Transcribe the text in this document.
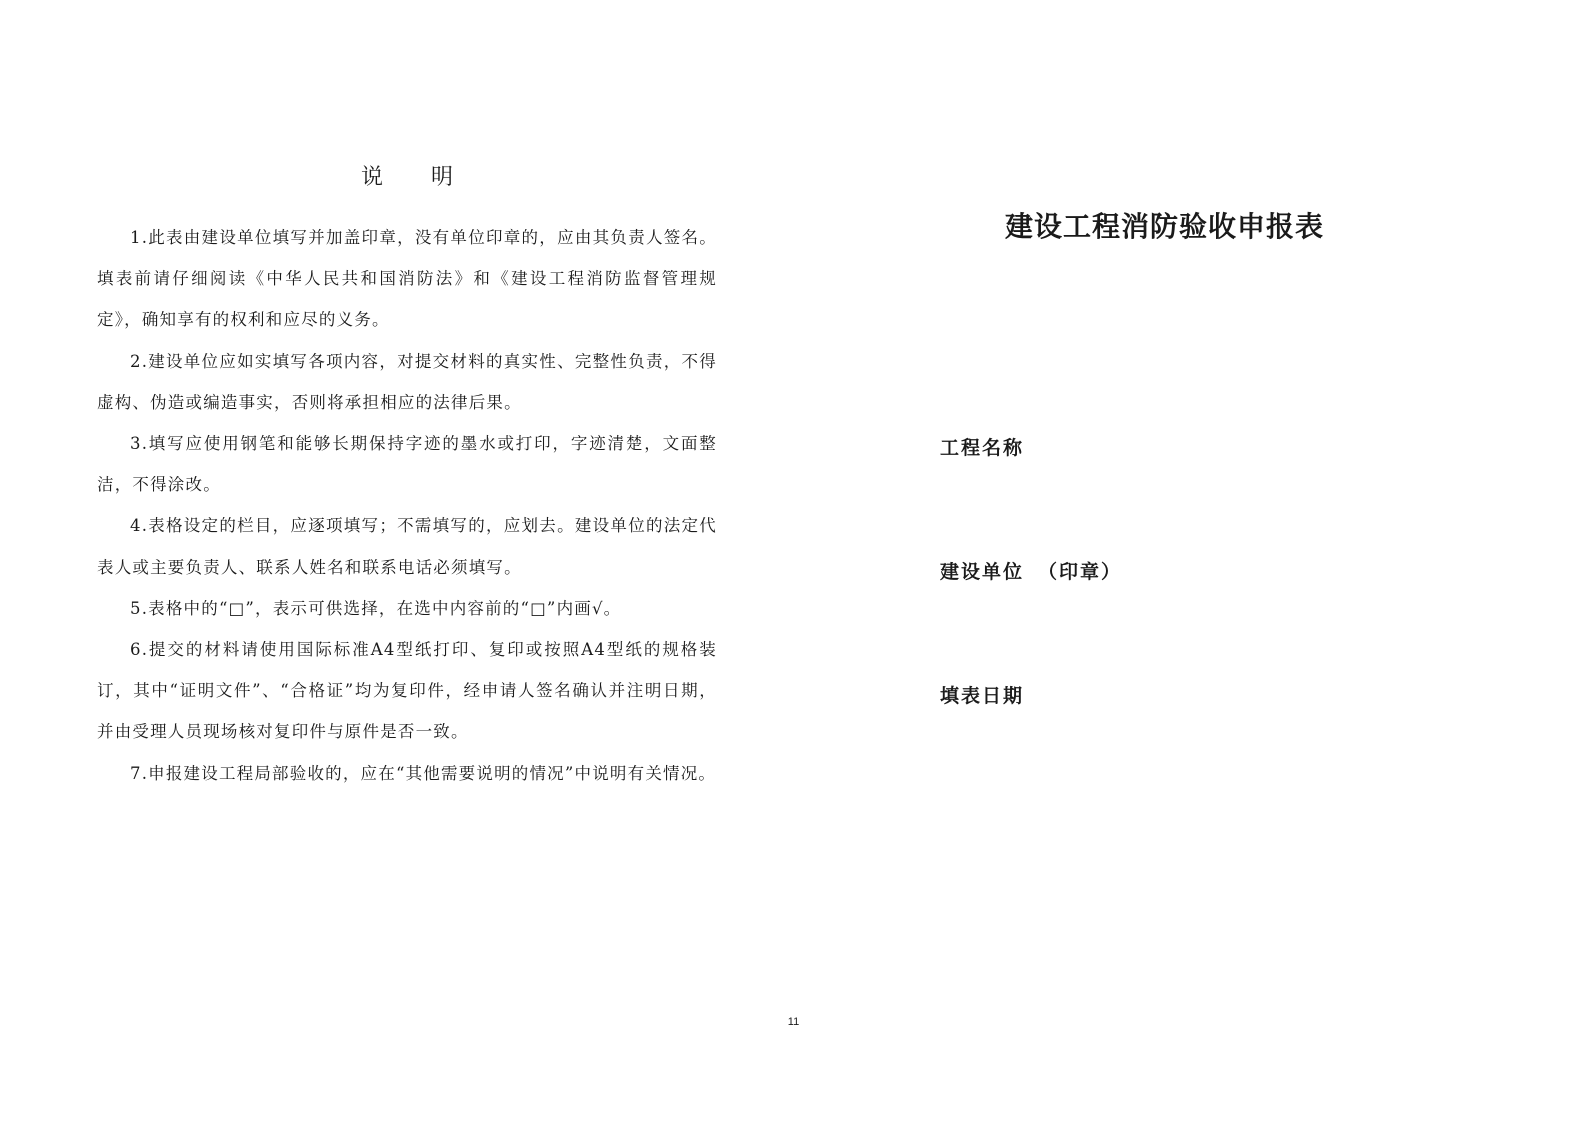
说明

1.此表由建设单位填写并加盖印章，没有单位印章的，应由其负责人签名。填表前请仔细阅读《中华人民共和国消防法》和《建设工程消防监督管理规定》，确知享有的权利和应尽的义务。

2.建设单位应如实填写各项内容，对提交材料的真实性、完整性负责，不得虚构、伪造或编造事实，否则将承担相应的法律后果。

3.填写应使用钢笔和能够长期保持字迹的墨水或打印，字迹清楚，文面整洁，不得涂改。

4.表格设定的栏目，应逐项填写；不需填写的，应划去。建设单位的法定代表人或主要负责人、联系人姓名和联系电话必须填写。

5.表格中的“□”，表示可供选择，在选中内容前的“□”内画√。

6.提交的材料请使用国际标准A4型纸打印、复印或按照A4型纸的规格装订，其中“证明文件”、“合格证”均为复印件，经申请人签名确认并注明日期，并由受理人员现场核对复印件与原件是否一致。

7.申报建设工程局部验收的，应在“其他需要说明的情况”中说明有关情况。

建设工程消防验收申报表
工程名称
建设单位 （印章）
填表日期
11
